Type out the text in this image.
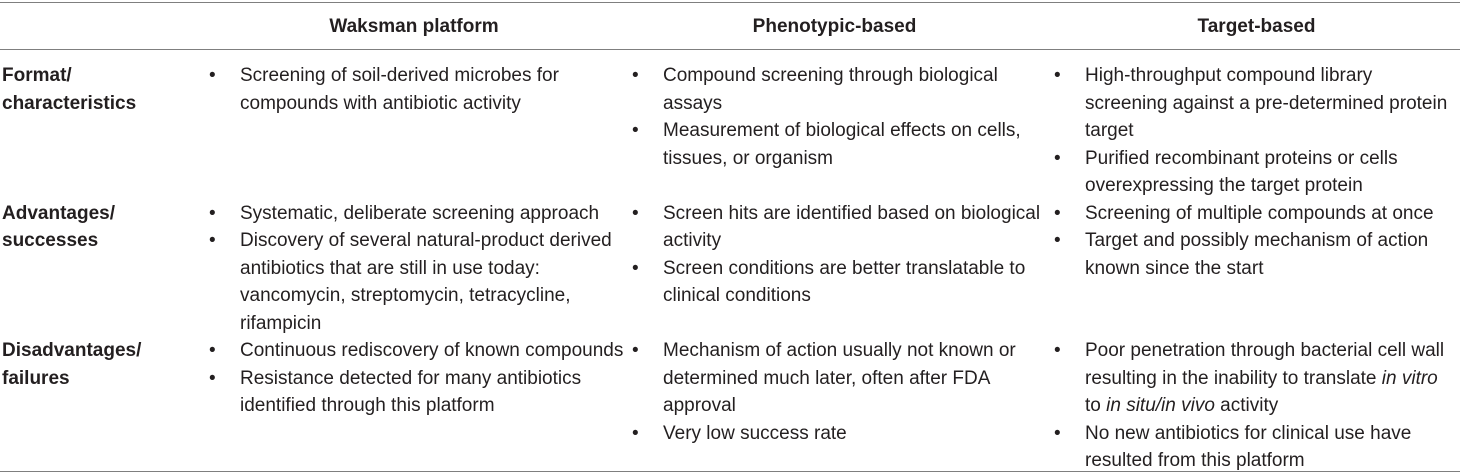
Waksman platform	Phenotypic-based	Target-based
Format/
characteristics
• Screening of soil-derived microbes for compounds with antibiotic activity
• Compound screening through biological assays
• Measurement of biological effects on cells, tissues, or organism
• High-throughput compound library screening against a pre-determined protein target
• Purified recombinant proteins or cells overexpressing the target protein
Advantages/
successes
• Systematic, deliberate screening approach
• Discovery of several natural-product derived antibiotics that are still in use today: vancomycin, streptomycin, tetracycline, rifampicin
• Screen hits are identified based on biological activity
• Screen conditions are better translatable to clinical conditions
• Screening of multiple compounds at once
• Target and possibly mechanism of action known since the start
Disadvantages/
failures
• Continuous rediscovery of known compounds
• Resistance detected for many antibiotics identified through this platform
• Mechanism of action usually not known or determined much later, often after FDA approval
• Very low success rate
• Poor penetration through bacterial cell wall resulting in the inability to translate in vitro to in situ/in vivo activity
• No new antibiotics for clinical use have resulted from this platform
